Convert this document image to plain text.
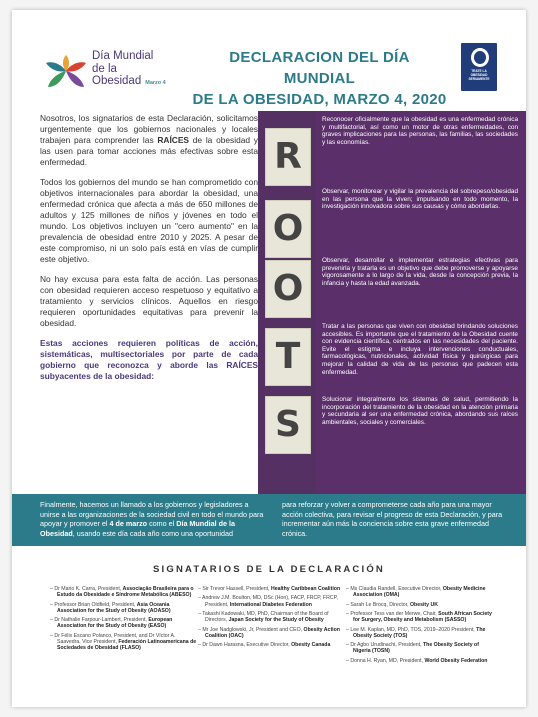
Día Mundial
de la
Obesidad Marzo 4
DECLARACION DEL DÍA MUNDIAL
DE LA OBESIDAD, MARZO 4, 2020
TRATE LA
OBESIDAD
SERIAMENTE

Nosotros, los signatarios de esta Declaración, solicitamos urgentemente que los gobiernos nacionales y locales trabajen para comprender las RAÍCES de la obesidad y las usen para tomar acciones más efectivas sobre esta enfermedad.

Todos los gobiernos del mundo se han comprometido con objetivos internacionales para abordar la obesidad, una enfermedad crónica que afecta a más de 650 millones de adultos y 125 millones de niños y jóvenes en todo el mundo. Los objetivos incluyen un "cero aumento" en la prevalencia de obesidad entre 2010 y 2025. A pesar de este compromiso, ni un solo país está en vías de cumplir este objetivo.

No hay excusa para esta falta de acción. Las personas con obesidad requieren acceso respetuoso y equitativo a tratamiento y servicios clínicos. Aquellos en riesgo requieren oportunidades equitativas para prevenir la obesidad.

Estas acciones requieren políticas de acción, sistemáticas, multisectoriales por parte de cada gobierno que reconozca y aborde las RAÍCES subyacentes de la obesidad:

R
O
O
T
S
Reconocer oficialmente que la obesidad es una enfermedad crónica y multifactorial, así como un motor de otras enfermedades, con graves implicaciones para las personas, las familias, las sociedades y las economías.
Observar, monitorear y vigilar la prevalencia del sobrepeso/obesidad en las persona que la viven; impulsando en todo momento, la investigación innovadora sobre sus causas y cómo abordarlas.
Observar, desarrollar e implementar estrategias efectivas para prevenirla y tratarla es un objetivo que debe promoverse y apoyarse vigorosamente a lo largo de la vida, desde la concepción previa, la infancia y hasta la edad avanzada.
Tratar a las personas que viven con obesidad brindando soluciones accesibles. Es importante que el tratamiento de la Obesidad cuente con evidencia científica, centrados en las necesidades del paciente. Evite el estigma e incluya intervenciones conductuales, farmacológicas, nutricionales, actividad física y quirúrgicas para mejorar la calidad de vida de las personas que padecen esta enfermedad.
Solucionar integralmente los sistemas de salud, permitiendo la incorporación del tratamiento de la obesidad en la atención primaria y secundaria al ser una enfermedad crónica, abordando sus raíces ambientales, sociales y comerciales.
Finalmente, hacemos un llamado a los gobiernos y legisladores a unirse a las organizaciones de la sociedad civil en todo el mundo para apoyar y promover el 4 de marzo como el Día Mundial de la Obesidad, usando este día cada año como una oportunidad
para reforzar y volver a comprometerse cada año para una mayor acción colectiva, para revisar el progreso de esta Declaración, y para incrementar aún más la conciencia sobre esta grave enfermedad crónica.
SIGNATARIOS DE LA DECLARACIÓN
– Dr Mario K. Carra, President, Associação Brasileira para o Estudo da Obesidade e Síndrome Metabólica (ABESO)
– Professor Brian Oldfield, President, Asia Oceania Association for the Study of Obesity (AOASO)
– Dr Nathalie Farpour-Lambert, President, European Association for the Study of Obesity (EASO)
– Dr Félix Escano Polanco, President, and Dr Víctor A. Saavedra, Vice President, Federación Latinoamericana de Sociedades de Obesidad (FLASO)
– Sir Trevor Hassell, President, Healthy Caribbean Coalition
– Andrew J.M. Boulton, MD, DSc (Hon), FACP, FRCP, FRCP, President, International Diabetes Federation
– Takashi Kadowaki, MD, PhD, Chairman of the Board of Directors, Japan Society for the Study of Obesity
– Mr Joe Nadglowski, Jr, President and CEO, Obesity Action Coalition (OAC)
– Dr Dawn Harasna, Executive Director, Obesity Canada
– Ms Claudia Randell, Executive Director, Obesity Medicine Association (OMA)
– Sarah Le Brocq, Director, Obesity UK
– Professor Tess van der Merwe, Chair, South African Society for Surgery, Obesity and Metabolism (SASSO)
– Lee M. Kaplan, MD, PhD, TOS, 2019–2020 President, The Obesity Society (TOS)
– Dr Agbo Urudinachi, President, The Obesity Society of Nigeria (TOSN)
– Donna H. Ryan, MD, President, World Obesity Federation
